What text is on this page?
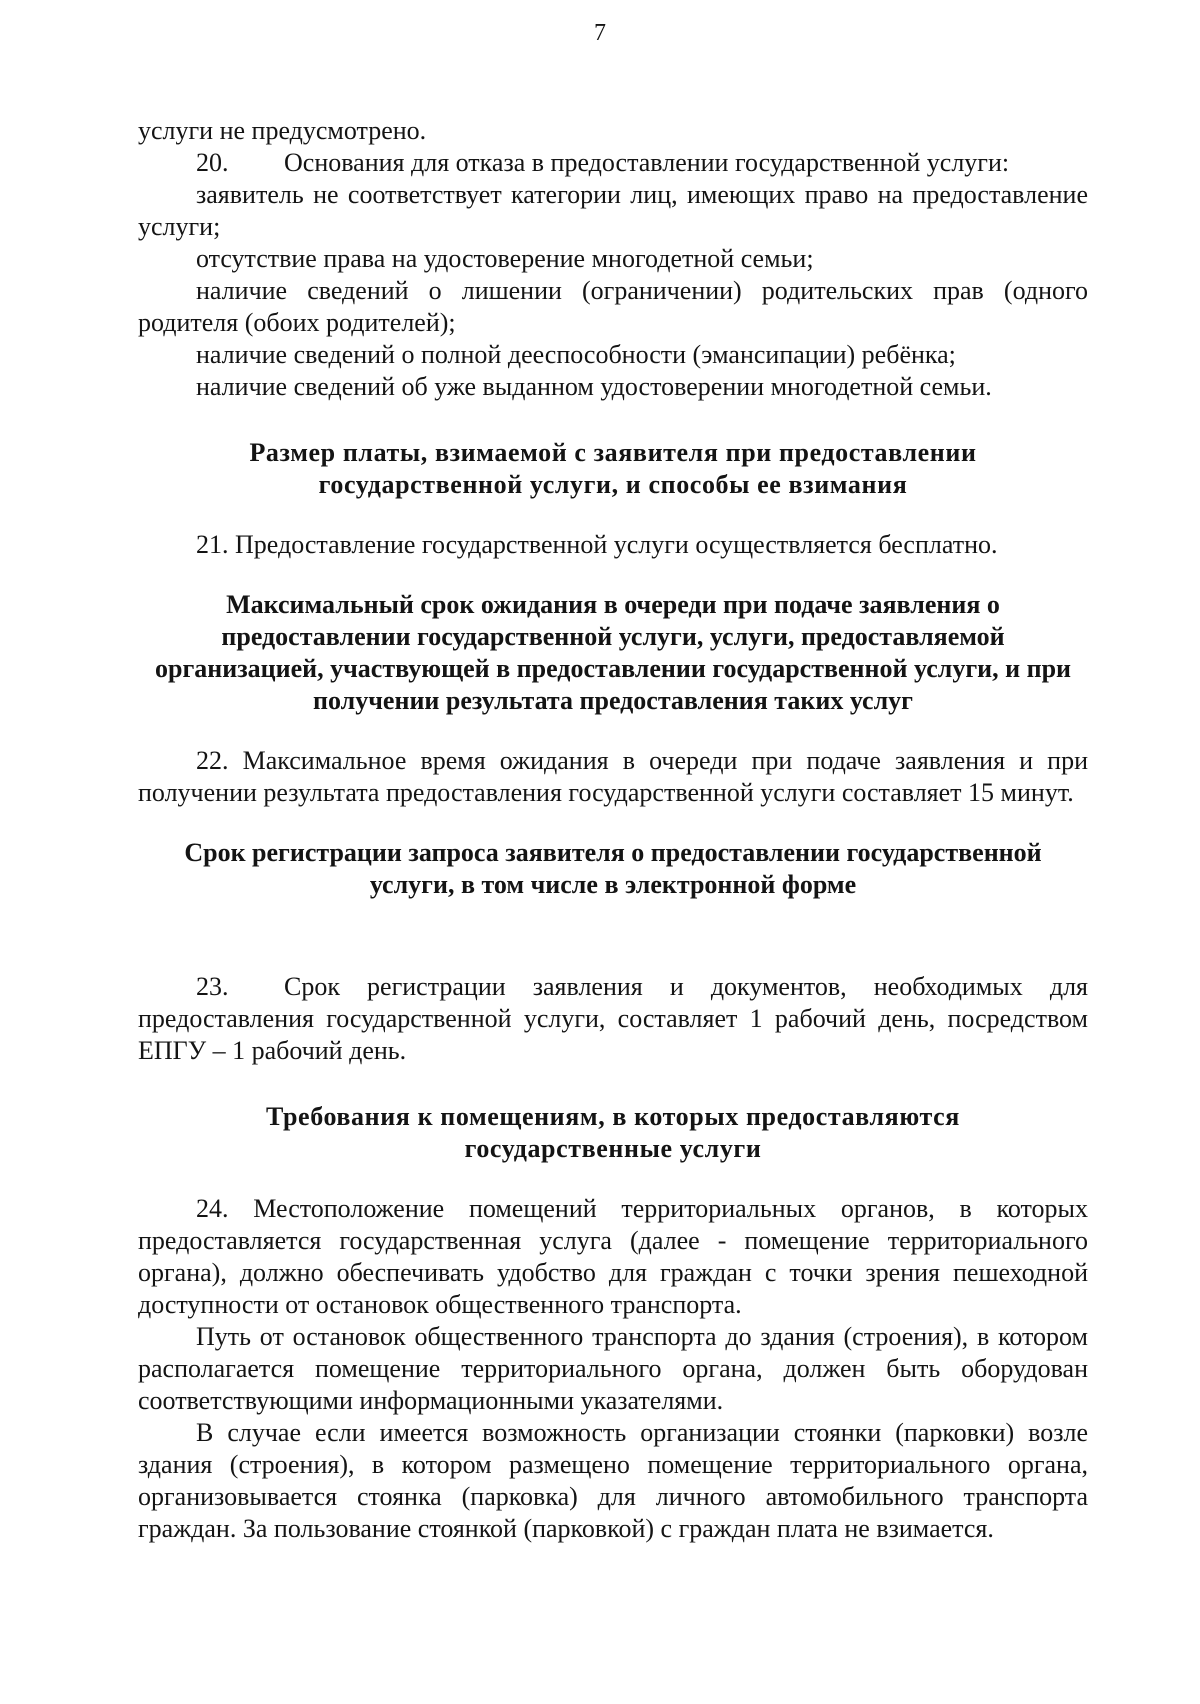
7

услуги не предусмотрено.

20. Основания для отказа в предоставлении государственной услуги:

заявитель не соответствует категории лиц, имеющих право на предоставление услуги;

отсутствие права на удостоверение многодетной семьи;

наличие сведений о лишении (ограничении) родительских прав (одного родителя (обоих родителей);

наличие сведений о полной дееспособности (эмансипации) ребёнка;

наличие сведений об уже выданном удостоверении многодетной семьи.

Размер платы, взимаемой с заявителя при предоставлении

государственной услуги, и способы ее взимания

21. Предоставление государственной услуги осуществляется бесплатно.

Максимальный срок ожидания в очереди при подаче заявления о

предоставлении государственной услуги, услуги, предоставляемой

организацией, участвующей в предоставлении государственной услуги, и при

получении результата предоставления таких услуг

22. Максимальное время ожидания в очереди при подаче заявления и при получении результата предоставления государственной услуги составляет 15 минут.

Срок регистрации запроса заявителя о предоставлении государственной

услуги, в том числе в электронной форме

23. Срок регистрации заявления и документов, необходимых для предоставления государственной услуги, составляет 1 рабочий день, посредством ЕПГУ – 1 рабочий день.

Требования к помещениям, в которых предоставляются

государственные услуги

24. Местоположение помещений территориальных органов, в которых предоставляется государственная услуга (далее - помещение территориального органа), должно обеспечивать удобство для граждан с точки зрения пешеходной доступности от остановок общественного транспорта.

Путь от остановок общественного транспорта до здания (строения), в котором располагается помещение территориального органа, должен быть оборудован соответствующими информационными указателями.

В случае если имеется возможность организации стоянки (парковки) возле здания (строения), в котором размещено помещение территориального органа, организовывается стоянка (парковка) для личного автомобильного транспорта граждан. За пользование стоянкой (парковкой) с граждан плата не взимается.
